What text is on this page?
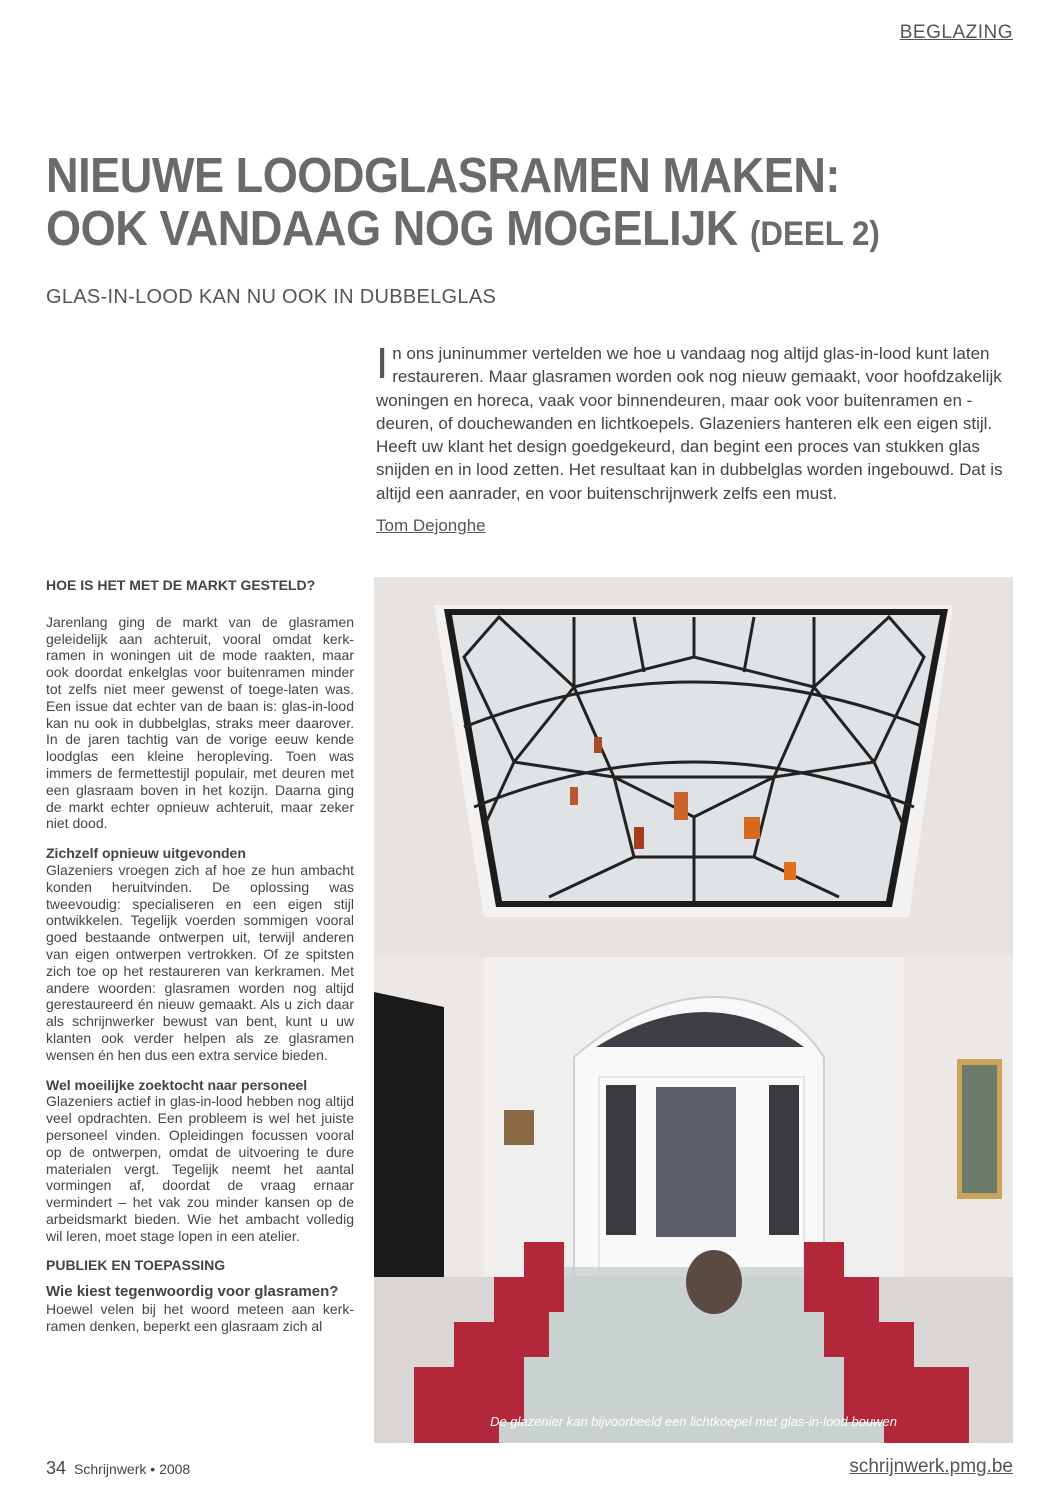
BEGLAZING
NIEUWE LOODGLASRAMEN MAKEN:
OOK VANDAAG NOG MOGELIJK (DEEL 2)
GLAS-IN-LOOD KAN NU OOK IN DUBBELGLAS
In ons juninummer vertelden we hoe u vandaag nog altijd glas-in-lood kunt laten restaureren. Maar glasramen worden ook nog nieuw gemaakt, voor hoofdzakelijk woningen en horeca, vaak voor binnendeuren, maar ook voor buitenramen en -deuren, of douchewanden en lichtkoepels. Glazeniers hanteren elk een eigen stijl. Heeft uw klant het design goedgekeurd, dan begint een proces van stukken glas snijden en in lood zetten. Het resultaat kan in dubbelglas worden ingebouwd. Dat is altijd een aanrader, en voor buitenschrijnwerk zelfs een must.
Tom Dejonghe
HOE IS HET MET DE MARKT GESTELD?

Jarenlang ging de markt van de glasramen geleidelijk aan achteruit, vooral omdat kerk-ramen in woningen uit de mode raakten, maar ook doordat enkelglas voor buitenramen minder tot zelfs niet meer gewenst of toege-laten was. Een issue dat echter van de baan is: glas-in-lood kan nu ook in dubbelglas, straks meer daarover. In de jaren tachtig van de vorige eeuw kende loodglas een kleine heropleving. Toen was immers de fermettestijl populair, met deuren met een glasraam boven in het kozijn. Daarna ging de markt echter opnieuw achteruit, maar zeker niet dood.

Zichzelf opnieuw uitgevonden

Glazeniers vroegen zich af hoe ze hun ambacht konden heruitvinden. De oplossing was tweevoudig: specialiseren en een eigen stijl ontwikkelen. Tegelijk voerden sommigen vooral goed bestaande ontwerpen uit, terwijl anderen van eigen ontwerpen vertrokken. Of ze spitsten zich toe op het restaureren van kerkramen. Met andere woorden: glasramen worden nog altijd gerestaureerd én nieuw gemaakt. Als u zich daar als schrijnwerker bewust van bent, kunt u uw klanten ook verder helpen als ze glasramen wensen én hen dus een extra service bieden.

Wel moeilijke zoektocht naar personeel

Glazeniers actief in glas-in-lood hebben nog altijd veel opdrachten. Een probleem is wel het juiste personeel vinden. Opleidingen focussen vooral op de ontwerpen, omdat de uitvoering te dure materialen vergt. Tegelijk neemt het aantal vormingen af, doordat de vraag ernaar vermindert – het vak zou minder kansen op de arbeidsmarkt bieden. Wie het ambacht volledig wil leren, moet stage lopen in een atelier.

PUBLIEK EN TOEPASSING
Wie kiest tegenwoordig voor glasramen?

Hoewel velen bij het woord meteen aan kerk-ramen denken, beperkt een glasraam zich al

De glazenier kan bijvoorbeeld een lichtkoepel met glas-in-lood bouwen
34 Schrijnwerk • 2008	schrijnwerk.pmg.be
